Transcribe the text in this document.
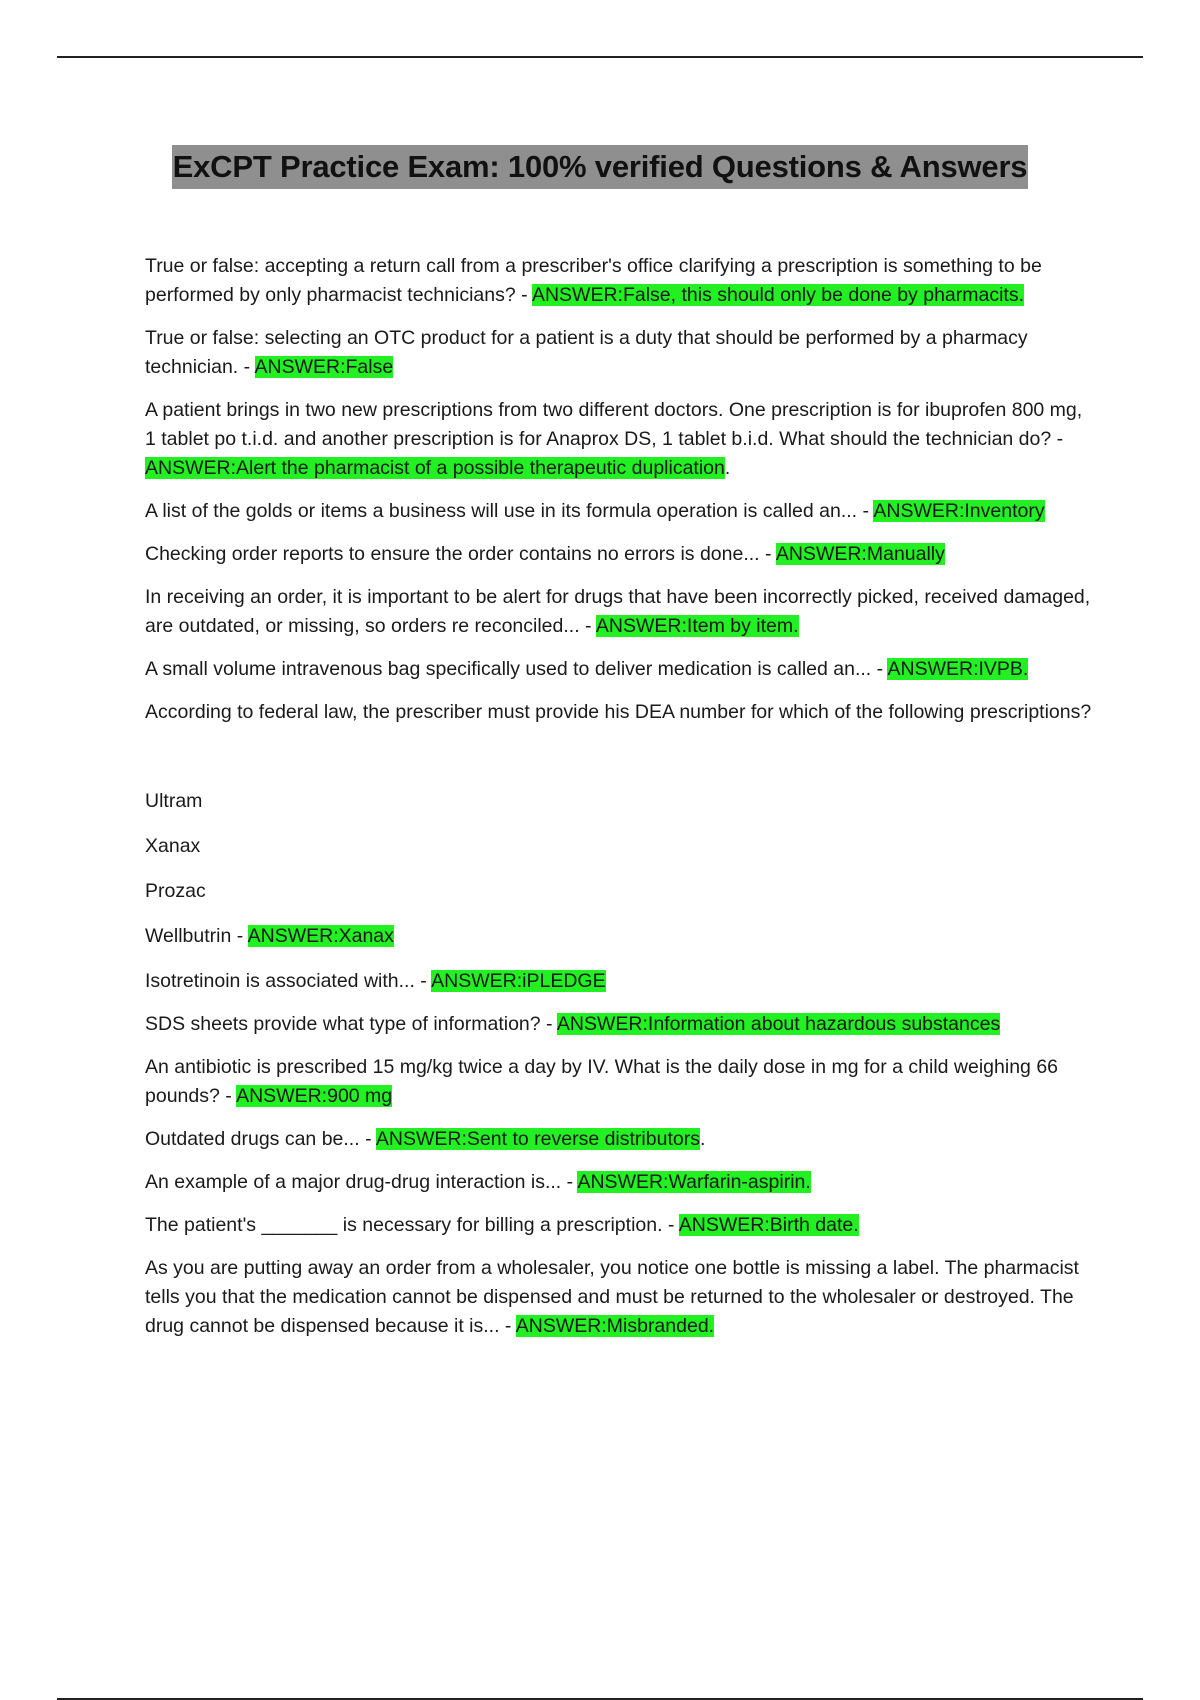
ExCPT Practice Exam: 100% verified Questions & Answers

True or false: accepting a return call from a prescriber's office clarifying a prescription is something to be performed by only pharmacist technicians? - ANSWER:False, this should only be done by pharmacits.

True or false: selecting an OTC product for a patient is a duty that should be performed by a pharmacy technician. - ANSWER:False

A patient brings in two new prescriptions from two different doctors. One prescription is for ibuprofen 800 mg, 1 tablet po t.i.d. and another prescription is for Anaprox DS, 1 tablet b.i.d. What should the technician do? - ANSWER:Alert the pharmacist of a possible therapeutic duplication.

A list of the golds or items a business will use in its formula operation is called an... - ANSWER:Inventory

Checking order reports to ensure the order contains no errors is done... - ANSWER:Manually

In receiving an order, it is important to be alert for drugs that have been incorrectly picked, received damaged, are outdated, or missing, so orders re reconciled... - ANSWER:Item by item.

A small volume intravenous bag specifically used to deliver medication is called an... - ANSWER:IVPB.

According to federal law, the prescriber must provide his DEA number for which of the following prescriptions?

Ultram

Xanax

Prozac

Wellbutrin - ANSWER:Xanax

Isotretinoin is associated with... - ANSWER:iPLEDGE

SDS sheets provide what type of information? - ANSWER:Information about hazardous substances

An antibiotic is prescribed 15 mg/kg twice a day by IV. What is the daily dose in mg for a child weighing 66 pounds? - ANSWER:900 mg

Outdated drugs can be... - ANSWER:Sent to reverse distributors.

An example of a major drug-drug interaction is... - ANSWER:Warfarin-aspirin.

The patient's _______ is necessary for billing a prescription. - ANSWER:Birth date.

As you are putting away an order from a wholesaler, you notice one bottle is missing a label. The pharmacist tells you that the medication cannot be dispensed and must be returned to the wholesaler or destroyed. The drug cannot be dispensed because it is... - ANSWER:Misbranded.
